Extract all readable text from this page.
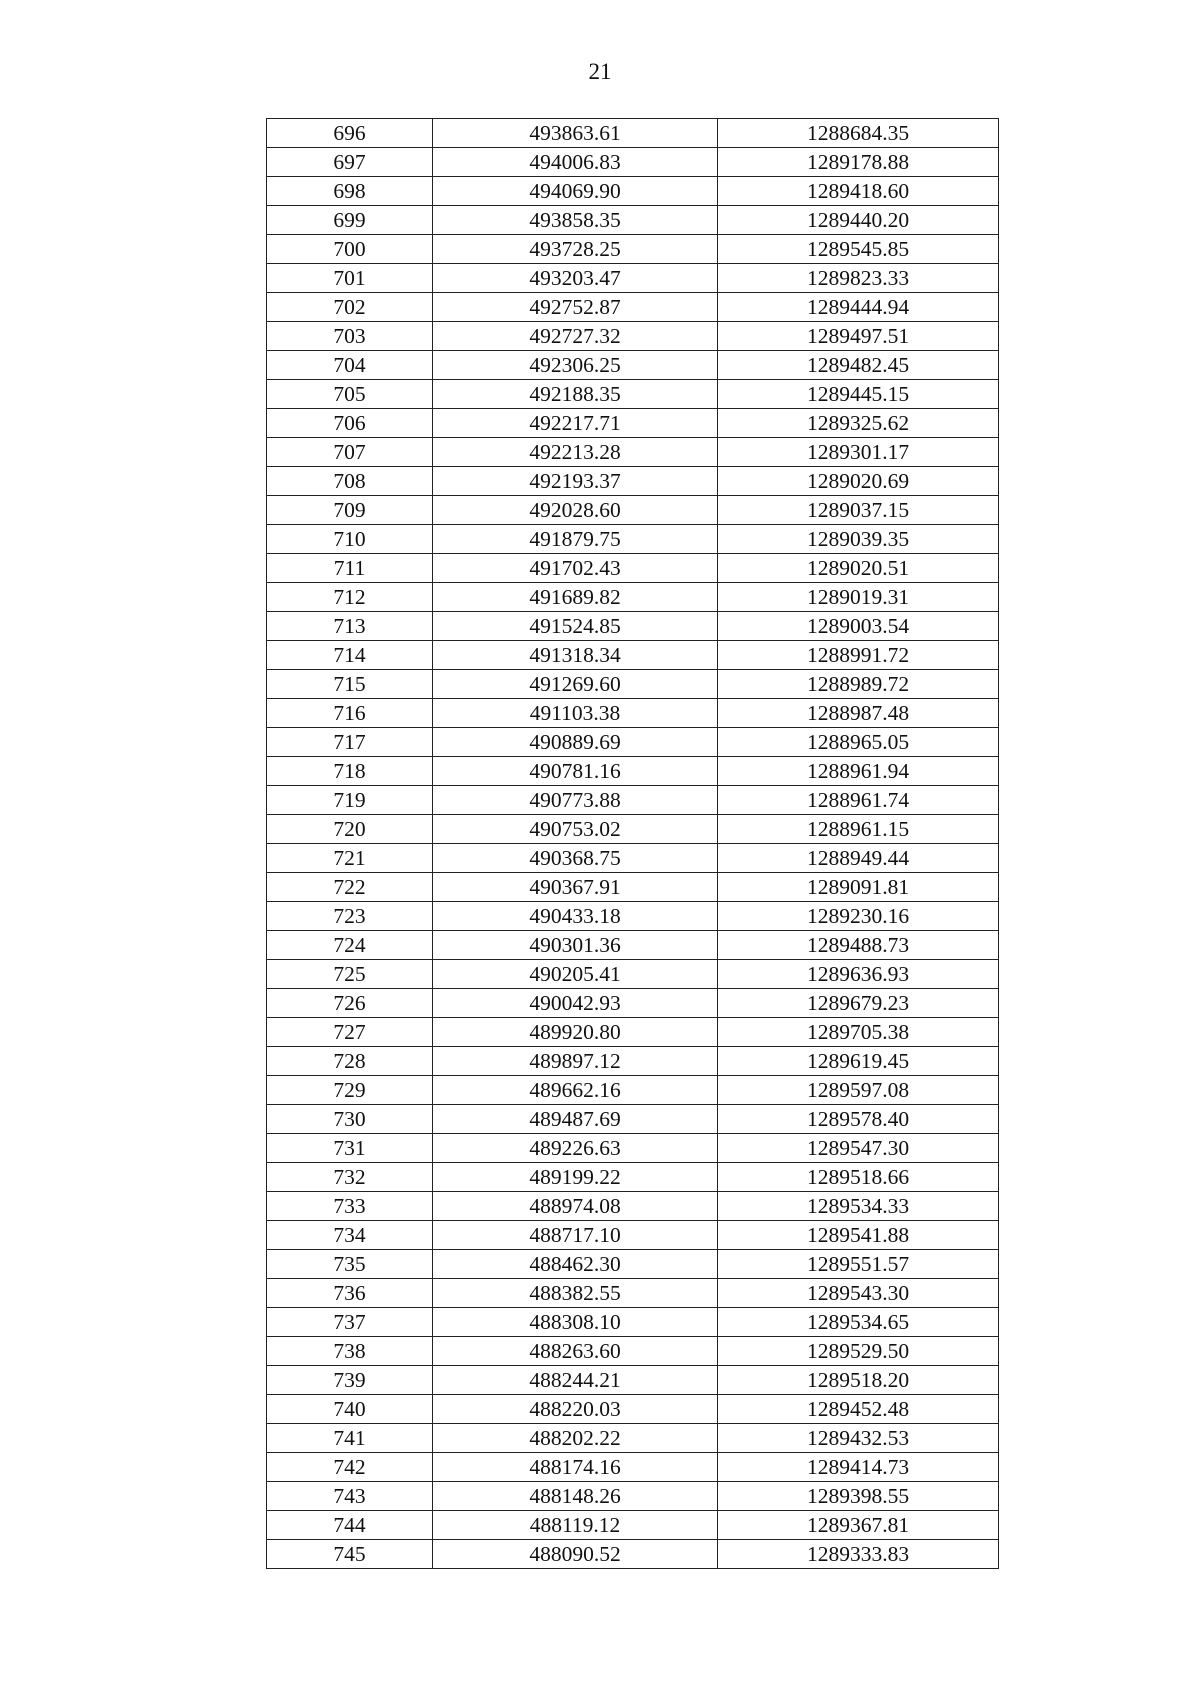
21
696	493863.61	1288684.35
697	494006.83	1289178.88
698	494069.90	1289418.60
699	493858.35	1289440.20
700	493728.25	1289545.85
701	493203.47	1289823.33
702	492752.87	1289444.94
703	492727.32	1289497.51
704	492306.25	1289482.45
705	492188.35	1289445.15
706	492217.71	1289325.62
707	492213.28	1289301.17
708	492193.37	1289020.69
709	492028.60	1289037.15
710	491879.75	1289039.35
711	491702.43	1289020.51
712	491689.82	1289019.31
713	491524.85	1289003.54
714	491318.34	1288991.72
715	491269.60	1288989.72
716	491103.38	1288987.48
717	490889.69	1288965.05
718	490781.16	1288961.94
719	490773.88	1288961.74
720	490753.02	1288961.15
721	490368.75	1288949.44
722	490367.91	1289091.81
723	490433.18	1289230.16
724	490301.36	1289488.73
725	490205.41	1289636.93
726	490042.93	1289679.23
727	489920.80	1289705.38
728	489897.12	1289619.45
729	489662.16	1289597.08
730	489487.69	1289578.40
731	489226.63	1289547.30
732	489199.22	1289518.66
733	488974.08	1289534.33
734	488717.10	1289541.88
735	488462.30	1289551.57
736	488382.55	1289543.30
737	488308.10	1289534.65
738	488263.60	1289529.50
739	488244.21	1289518.20
740	488220.03	1289452.48
741	488202.22	1289432.53
742	488174.16	1289414.73
743	488148.26	1289398.55
744	488119.12	1289367.81
745	488090.52	1289333.83
